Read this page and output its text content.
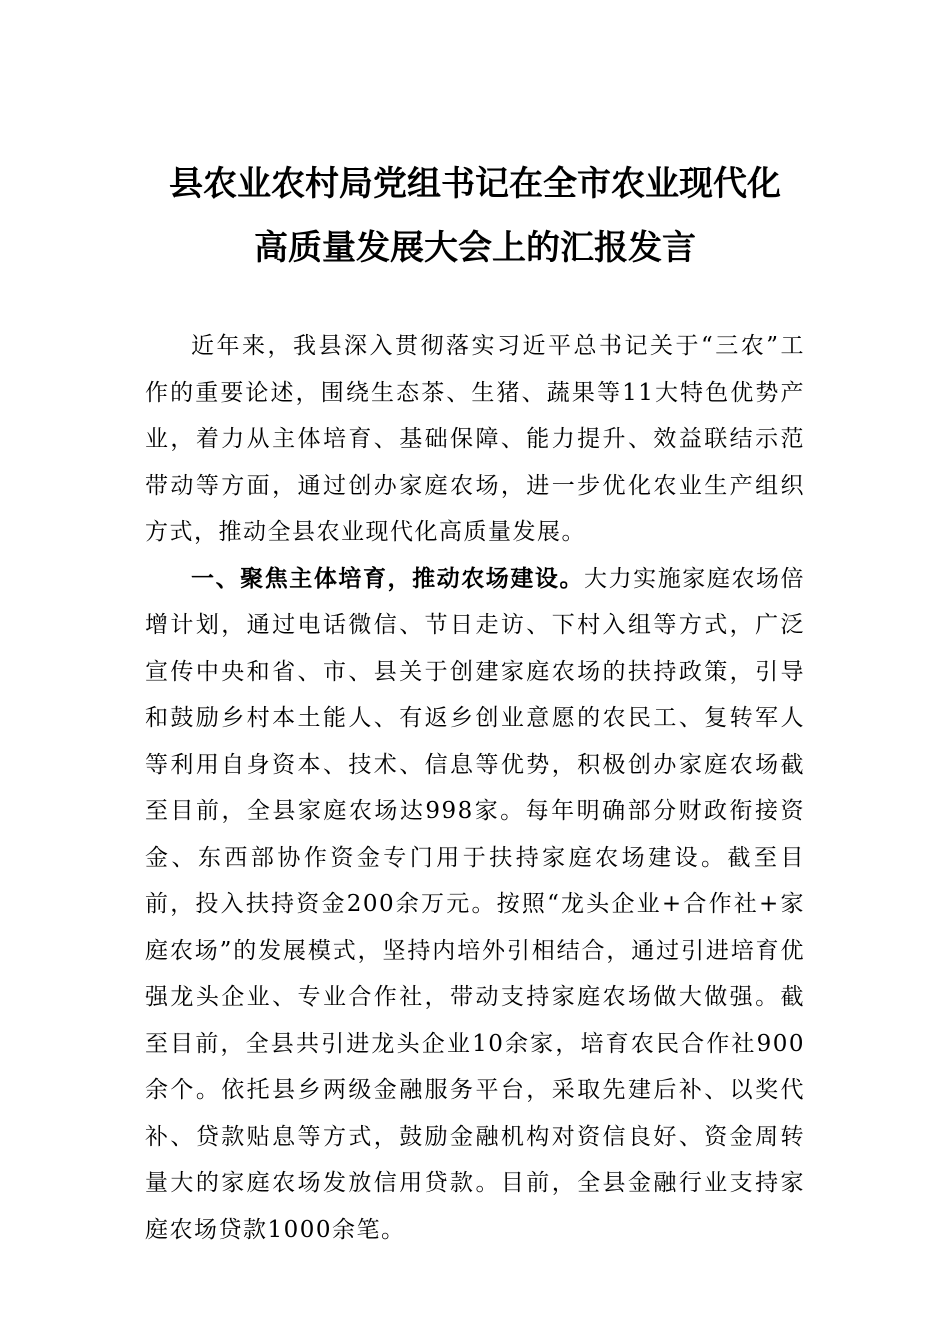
县农业农村局党组书记在全市农业现代化
高质量发展大会上的汇报发言

近年来，我县深入贯彻落实习近平总书记关于“三农”工作的重要论述，围绕生态茶、生猪、蔬果等11大特色优势产业，着力从主体培育、基础保障、能力提升、效益联结示范带动等方面，通过创办家庭农场，进一步优化农业生产组织方式，推动全县农业现代化高质量发展。

一、聚焦主体培育，推动农场建设。大力实施家庭农场倍增计划，通过电话微信、节日走访、下村入组等方式，广泛宣传中央和省、市、县关于创建家庭农场的扶持政策，引导和鼓励乡村本土能人、有返乡创业意愿的农民工、复转军人等利用自身资本、技术、信息等优势，积极创办家庭农场截至目前，全县家庭农场达998家。每年明确部分财政衔接资金、东西部协作资金专门用于扶持家庭农场建设。截至目前，投入扶持资金200余万元。按照“龙头企业+合作社+家庭农场”的发展模式，坚持内培外引相结合，通过引进培育优强龙头企业、专业合作社，带动支持家庭农场做大做强。截至目前，全县共引进龙头企业10余家，培育农民合作社900余个。依托县乡两级金融服务平台，采取先建后补、以奖代补、贷款贴息等方式，鼓励金融机构对资信良好、资金周转量大的家庭农场发放信用贷款。目前，全县金融行业支持家庭农场贷款1000余笔。
